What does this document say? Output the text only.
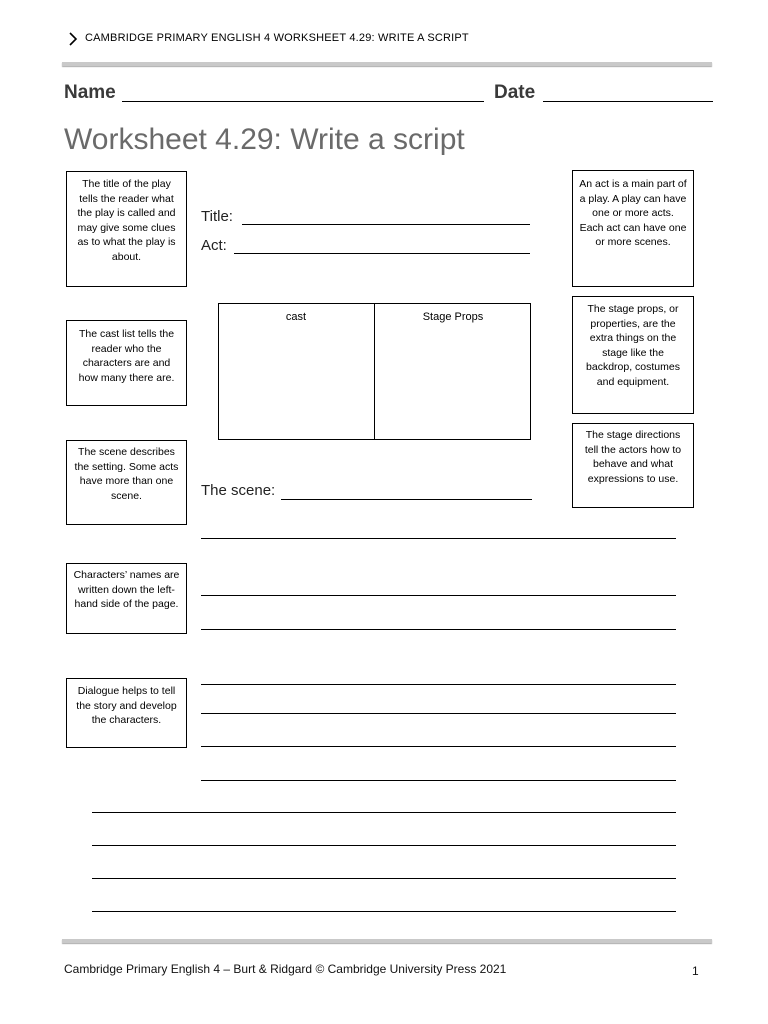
CAMBRIDGE PRIMARY ENGLISH 4 WORKSHEET 4.29: WRITE A SCRIPT
Name	Date
Worksheet 4.29: Write a script
The title of the play tells the reader what the play is called and may give some clues as to what the play is about.
The cast list tells the reader who the characters are and how many there are.
The scene describes the setting. Some acts have more than one scene.
Characters’ names are written down the left-hand side of the page.
Dialogue helps to tell the story and develop the characters.
An act is a main part of a play. A play can have one or more acts. Each act can have one or more scenes.
The stage props, or properties, are the extra things on the stage like the backdrop, costumes and equipment.
The stage directions tell the actors how to behave and what expressions to use.
Title:
Act:
cast	Stage Props
The scene:
Cambridge Primary English 4 – Burt & Ridgard © Cambridge University Press 2021	1
